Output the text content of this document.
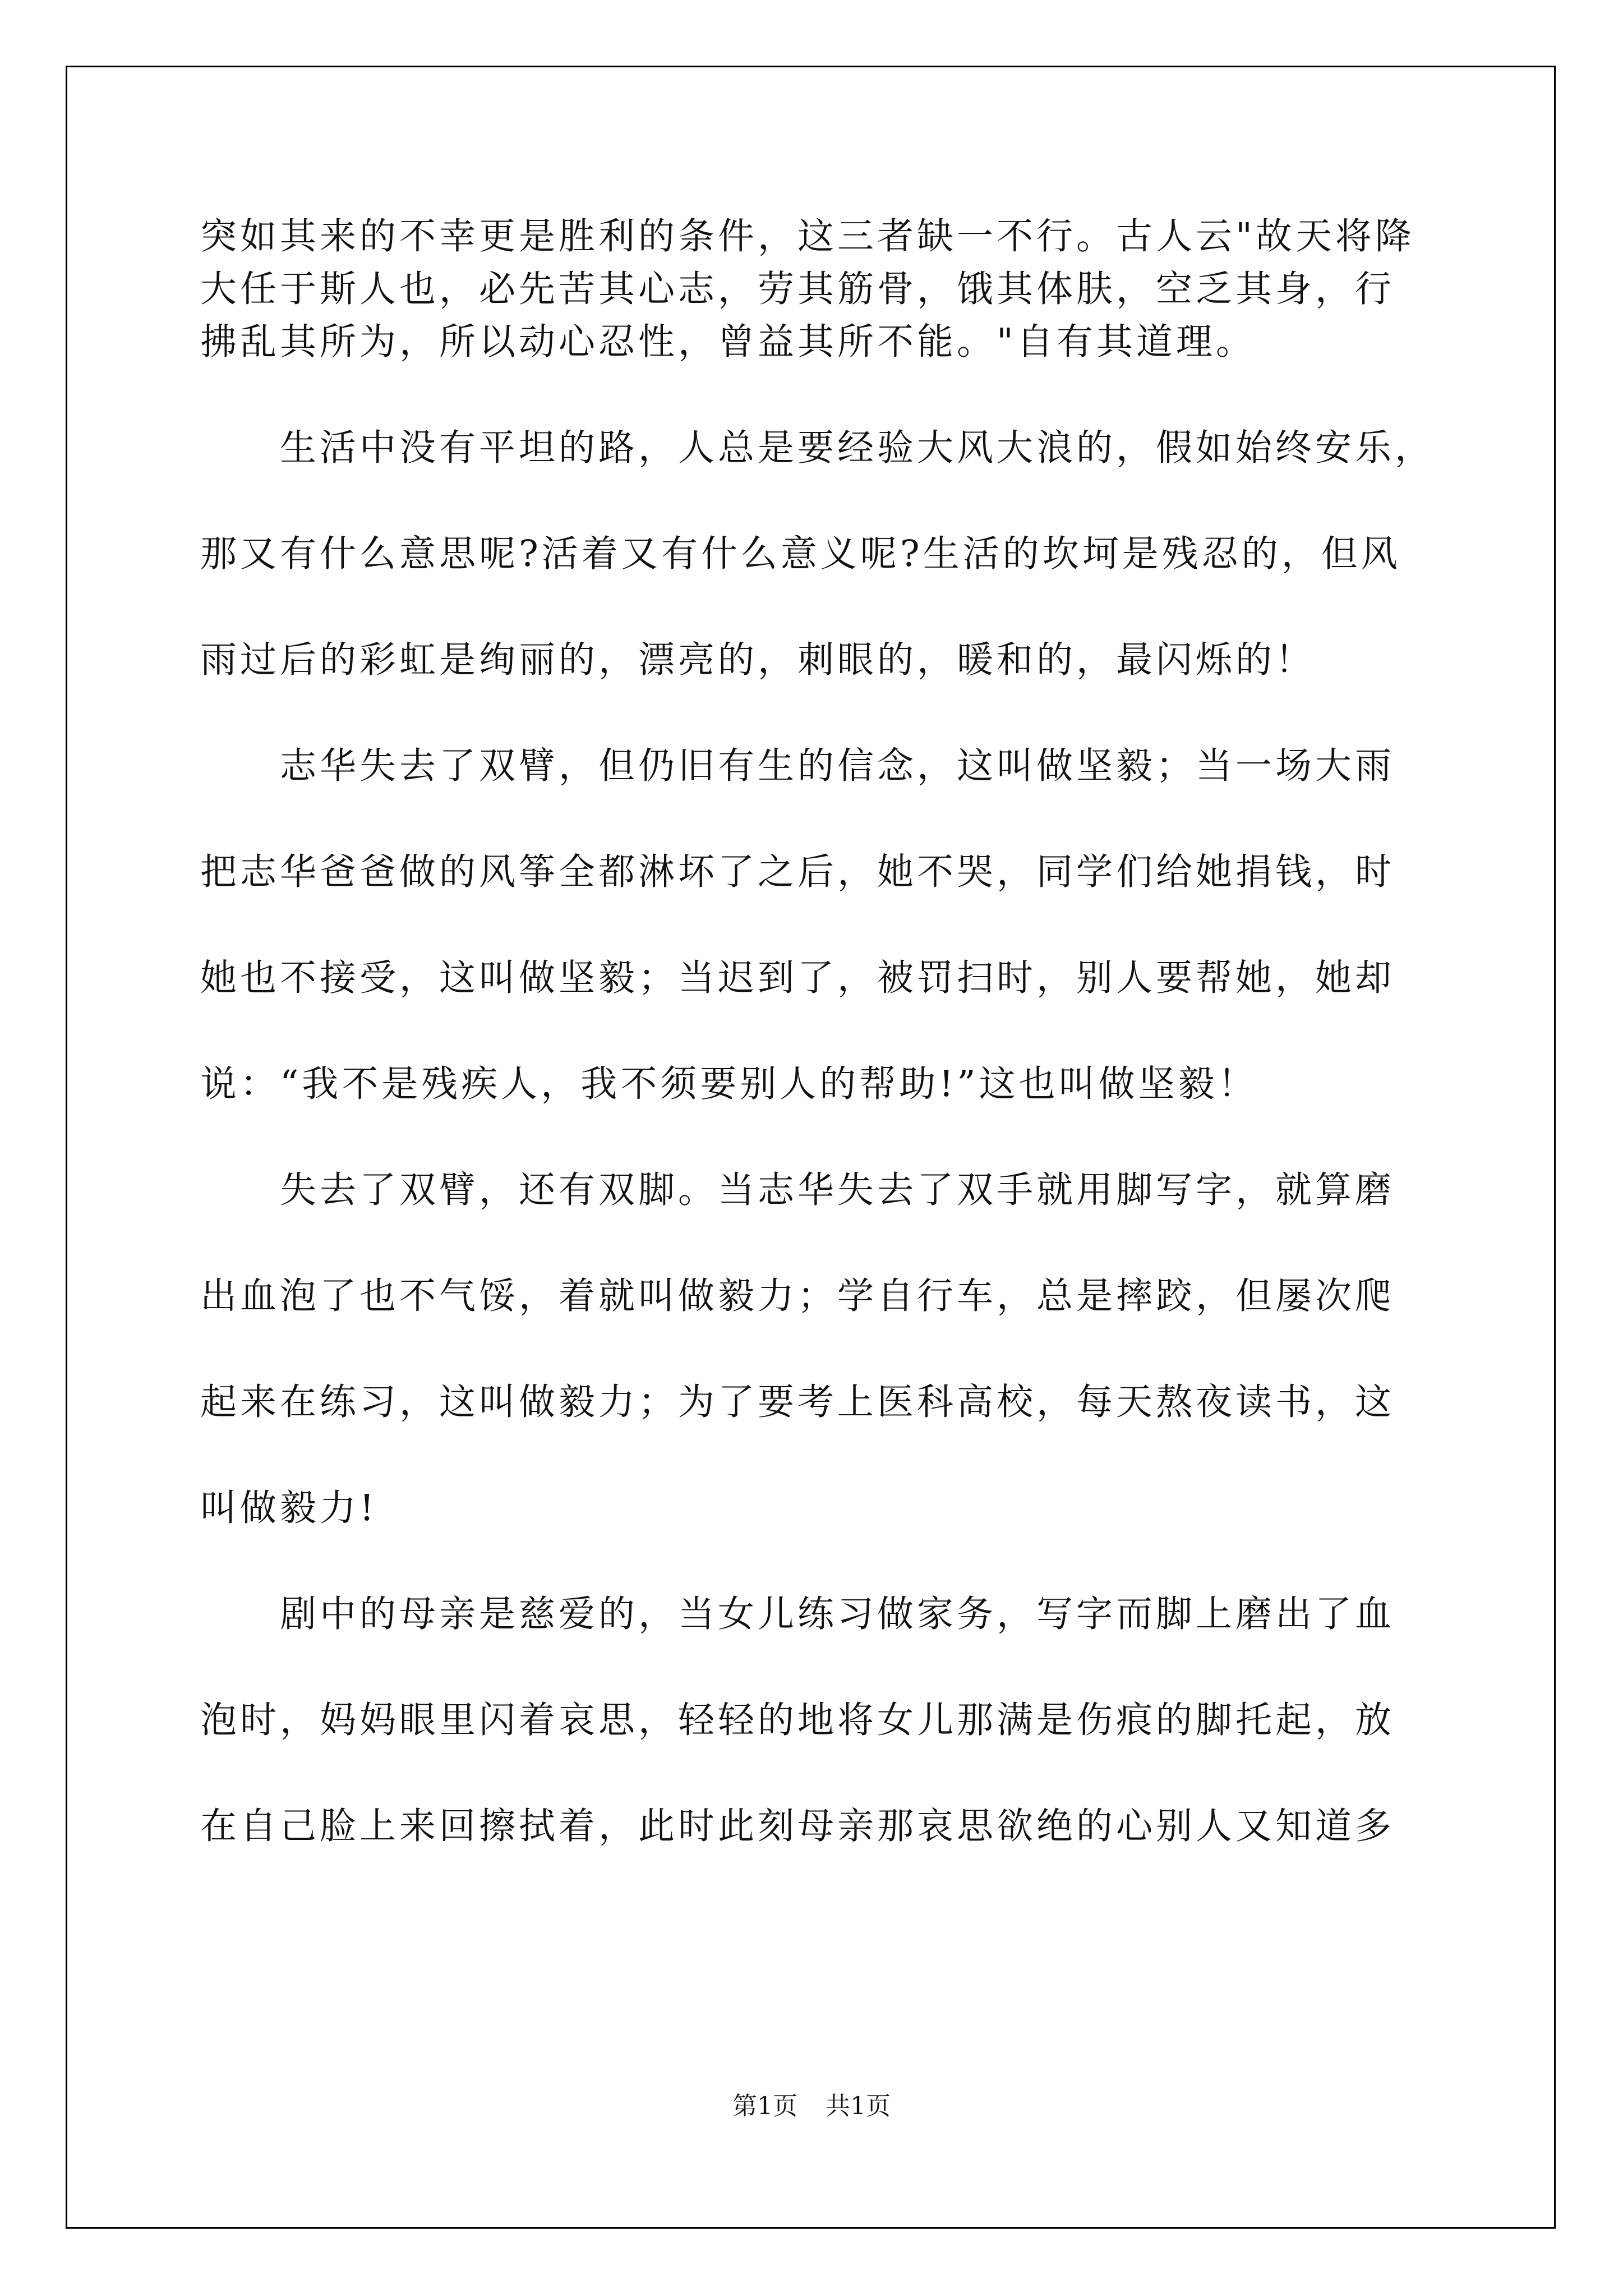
突如其来的不幸更是胜利的条件，这三者缺一不行。古人云"故天将降

大任于斯人也，必先苦其心志，劳其筋骨，饿其体肤，空乏其身，行

拂乱其所为，所以动心忍性，曾益其所不能。"自有其道理。

　　生活中没有平坦的路，人总是要经验大风大浪的，假如始终安乐，

那又有什么意思呢?活着又有什么意义呢?生活的坎坷是残忍的，但风

雨过后的彩虹是绚丽的，漂亮的，刺眼的，暖和的，最闪烁的！

　　志华失去了双臂，但仍旧有生的信念，这叫做坚毅；当一场大雨

把志华爸爸做的风筝全都淋坏了之后，她不哭，同学们给她捐钱，时

她也不接受，这叫做坚毅；当迟到了，被罚扫时，别人要帮她，她却

说：“我不是残疾人，我不须要别人的帮助!”这也叫做坚毅！

　　失去了双臂，还有双脚。当志华失去了双手就用脚写字，就算磨

出血泡了也不气馁，着就叫做毅力；学自行车，总是摔跤，但屡次爬

起来在练习，这叫做毅力；为了要考上医科高校，每天熬夜读书，这

叫做毅力!

　　剧中的母亲是慈爱的，当女儿练习做家务，写字而脚上磨出了血

泡时，妈妈眼里闪着哀思，轻轻的地将女儿那满是伤痕的脚托起，放

在自己脸上来回擦拭着，此时此刻母亲那哀思欲绝的心别人又知道多

第1页 共1页
